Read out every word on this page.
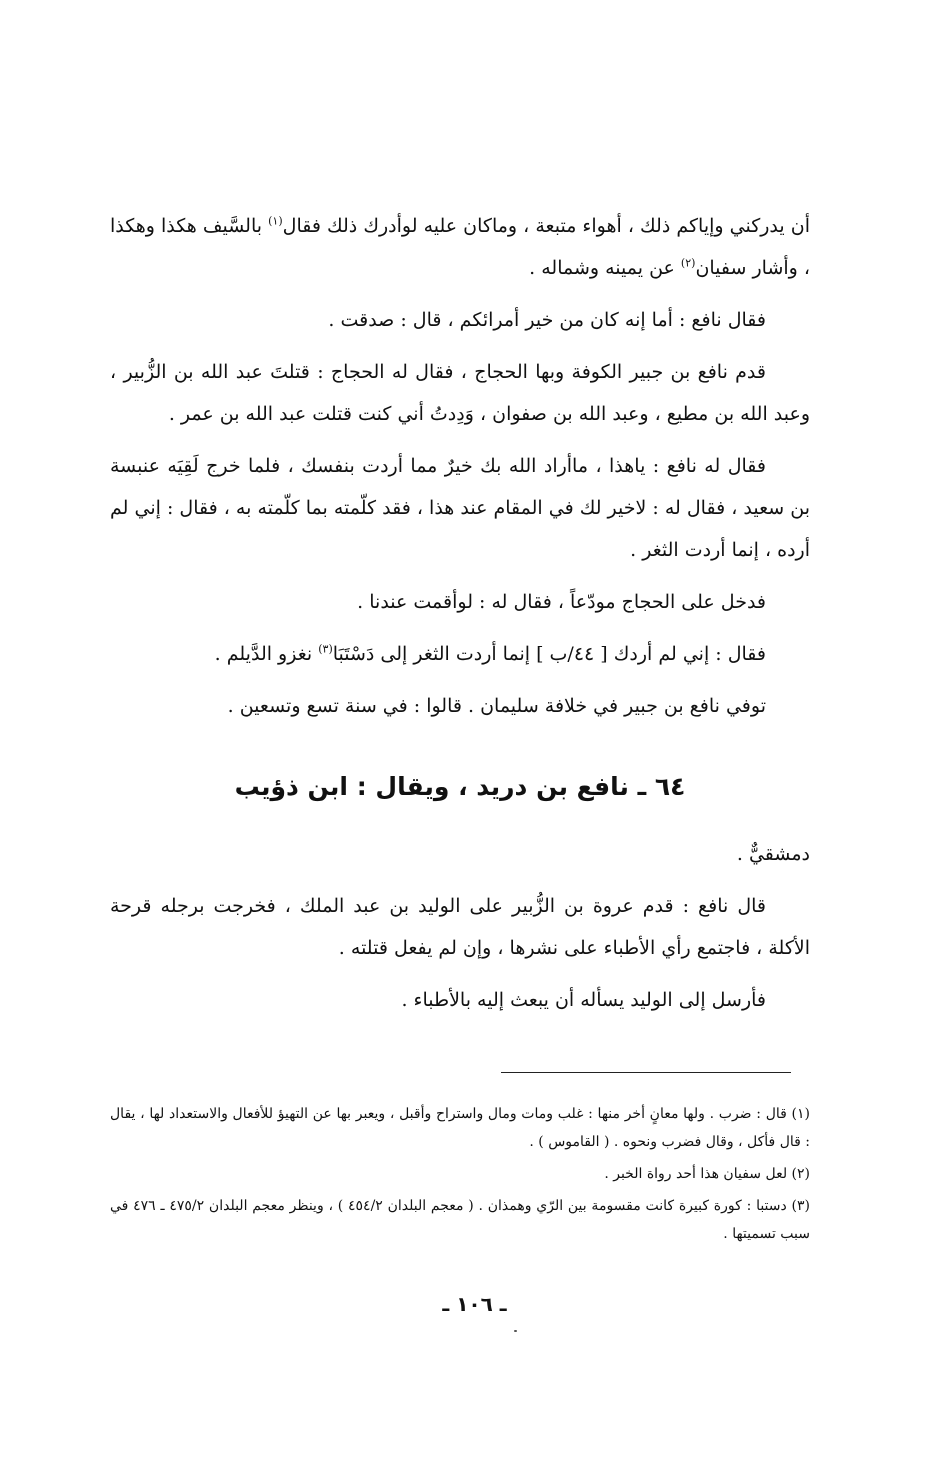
أن يدركني وإياكم ذلك ، أهواء متبعة ، وماكان عليه لوأدرك ذلك فقال$^{(١)}$ بالسَّيف هكذا وهكذا ، وأشار سفيان$^{(٢)}$ عن يمينه وشماله .

فقال نافع : أما إنه كان من خير أمرائكم ، قال : صدقت .

قدم نافع بن جبير الكوفة وبها الحجاج ، فقال له الحجاج : قتلتَ عبد الله بن الزُّبير ، وعبد الله بن مطيع ، وعبد الله بن صفوان ، وَدِدتُ أني كنت قتلت عبد الله بن عمر .

فقال له نافع : ياهذا ، ماأراد الله بك خيرٌ مما أردت بنفسك ، فلما خرج لَقِيَه عنبسة بن سعيد ، فقال له : لاخير لك في المقام عند هذا ، فقد كلّمته بما كلّمته به ، فقال : إني لم أرده ، إنما أردت الثغر .

فدخل على الحجاج مودّعاً ، فقال له : لوأقمت عندنا .

فقال : إني لم أردك [ ٤٤/ب ] إنما أردت الثغر إلى دَسْتَبَا$^{(٣)}$ نغزو الدَّيلم .

توفي نافع بن جبير في خلافة سليمان . قالوا : في سنة تسع وتسعين .

٦٤ ـ نافع بن دريد ، ويقال : ابن ذؤيب

دمشقيٌّ .

قال نافع : قدم عروة بن الزُّبير على الوليد بن عبد الملك ، فخرجت برجله قرحة الأكلة ، فاجتمع رأي الأطباء على نشرها ، وإن لم يفعل قتلته .

فأرسل إلى الوليد يسأله أن يبعث إليه بالأطباء .

(١) قال : ضرب . ولها معانٍ أخر منها : غلب ومات ومال واستراح وأقبل ، ويعبر بها عن التهيؤ للأفعال والاستعداد لها ، يقال : قال فأكل ، وقال فضرب ونحوه . ( القاموس ) .

(٢) لعل سفيان هذا أحد رواة الخبر .

(٣) دستبا : كورة كبيرة كانت مقسومة بين الرّي وهمذان . ( معجم البلدان ٤٥٤/٢ ) ، وينظر معجم البلدان ٤٧٥/٢ ـ ٤٧٦ في سبب تسميتها .

ـ ١٠٦ ـ
